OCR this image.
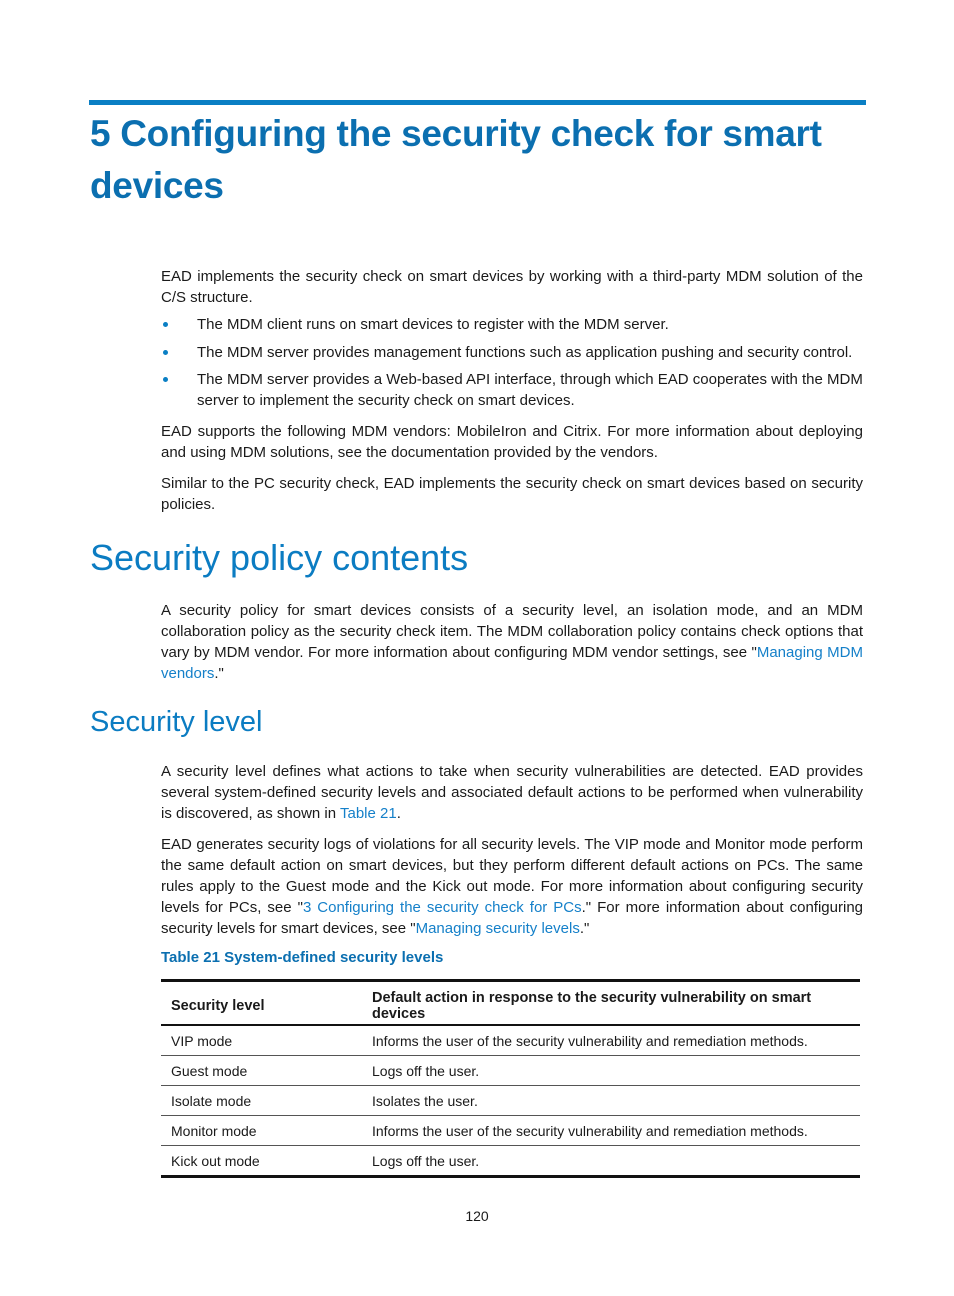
5 Configuring the security check for smart devices

EAD implements the security check on smart devices by working with a third-party MDM solution of the C/S structure.

The MDM client runs on smart devices to register with the MDM server.
The MDM server provides management functions such as application pushing and security control.
The MDM server provides a Web-based API interface, through which EAD cooperates with the MDM server to implement the security check on smart devices.

EAD supports the following MDM vendors: MobileIron and Citrix. For more information about deploying and using MDM solutions, see the documentation provided by the vendors.

Similar to the PC security check, EAD implements the security check on smart devices based on security policies.

Security policy contents

A security policy for smart devices consists of a security level, an isolation mode, and an MDM collaboration policy as the security check item. The MDM collaboration policy contains check options that vary by MDM vendor. For more information about configuring MDM vendor settings, see "Managing MDM vendors."

Security level

A security level defines what actions to take when security vulnerabilities are detected. EAD provides several system-defined security levels and associated default actions to be performed when vulnerability is discovered, as shown in Table 21.

EAD generates security logs of violations for all security levels. The VIP mode and Monitor mode perform the same default action on smart devices, but they perform different default actions on PCs. The same rules apply to the Guest mode and the Kick out mode. For more information about configuring security levels for PCs, see "3 Configuring the security check for PCs." For more information about configuring security levels for smart devices, see "Managing security levels."

Table 21 System-defined security levels
Security level	Default action in response to the security vulnerability on smart devices
VIP mode	Informs the user of the security vulnerability and remediation methods.
Guest mode	Logs off the user.
Isolate mode	Isolates the user.
Monitor mode	Informs the user of the security vulnerability and remediation methods.
Kick out mode	Logs off the user.
120
